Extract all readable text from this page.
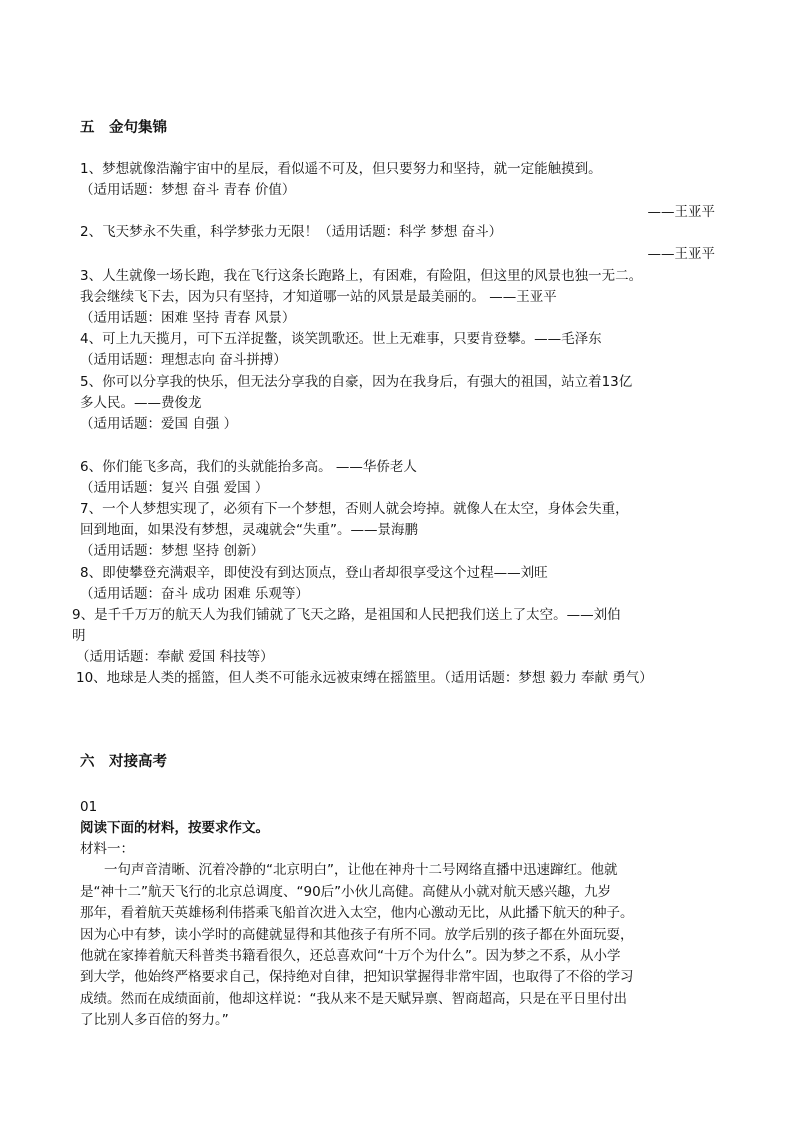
五　金句集锦
1、梦想就像浩瀚宇宙中的星辰，看似遥不可及，但只要努力和坚持，就一定能触摸到。
（适用话题：梦想 奋斗 青春 价值）
——王亚平
2、飞天梦永不失重，科学梦张力无限！（适用话题：科学 梦想 奋斗）
——王亚平
3、人生就像一场长跑，我在飞行这条长跑路上，有困难，有险阻，但这里的风景也独一无二。
我会继续飞下去，因为只有坚持，才知道哪一站的风景是最美丽的。 ——王亚平
（适用话题：困难 坚持 青春 风景）
4、可上九天揽月，可下五洋捉鳖，谈笑凯歌还。世上无难事，只要肯登攀。——毛泽东
（适用话题：理想志向 奋斗拼搏）
5、你可以分享我的快乐，但无法分享我的自豪，因为在我身后，有强大的祖国，站立着13亿
多人民。——费俊龙
（适用话题：爱国 自强 ）
6、你们能飞多高，我们的头就能抬多高。 ——华侨老人
（适用话题：复兴 自强 爱国 ）
7、一个人梦想实现了，必须有下一个梦想，否则人就会垮掉。就像人在太空，身体会失重，
回到地面，如果没有梦想，灵魂就会“失重”。——景海鹏
（适用话题：梦想 坚持 创新）
8、即使攀登充满艰辛，即使没有到达顶点，登山者却很享受这个过程——刘旺
（适用话题：奋斗 成功 困难 乐观等）
9、是千千万万的航天人为我们铺就了飞天之路，是祖国和人民把我们送上了太空。——刘伯
明
（适用话题：奉献 爱国 科技等）
10、地球是人类的摇篮，但人类不可能永远被束缚在摇篮里。（适用话题：梦想 毅力 奉献 勇气）
六　对接高考
01
阅读下面的材料，按要求作文。
材料一：
一句声音清晰、沉着冷静的“北京明白”，让他在神舟十二号网络直播中迅速蹿红。他就
是“神十二”航天飞行的北京总调度、“90后”小伙儿高健。高健从小就对航天感兴趣，九岁
那年，看着航天英雄杨利伟搭乘飞船首次进入太空，他内心激动无比，从此播下航天的种子。
因为心中有梦，读小学时的高健就显得和其他孩子有所不同。放学后别的孩子都在外面玩耍，
他就在家捧着航天科普类书籍看很久，还总喜欢问“十万个为什么”。因为梦之不系，从小学
到大学，他始终严格要求自己，保持绝对自律，把知识掌握得非常牢固，也取得了不俗的学习
成绩。然而在成绩面前，他却这样说：“我从来不是天赋异禀、智商超高，只是在平日里付出
了比别人多百倍的努力。”
